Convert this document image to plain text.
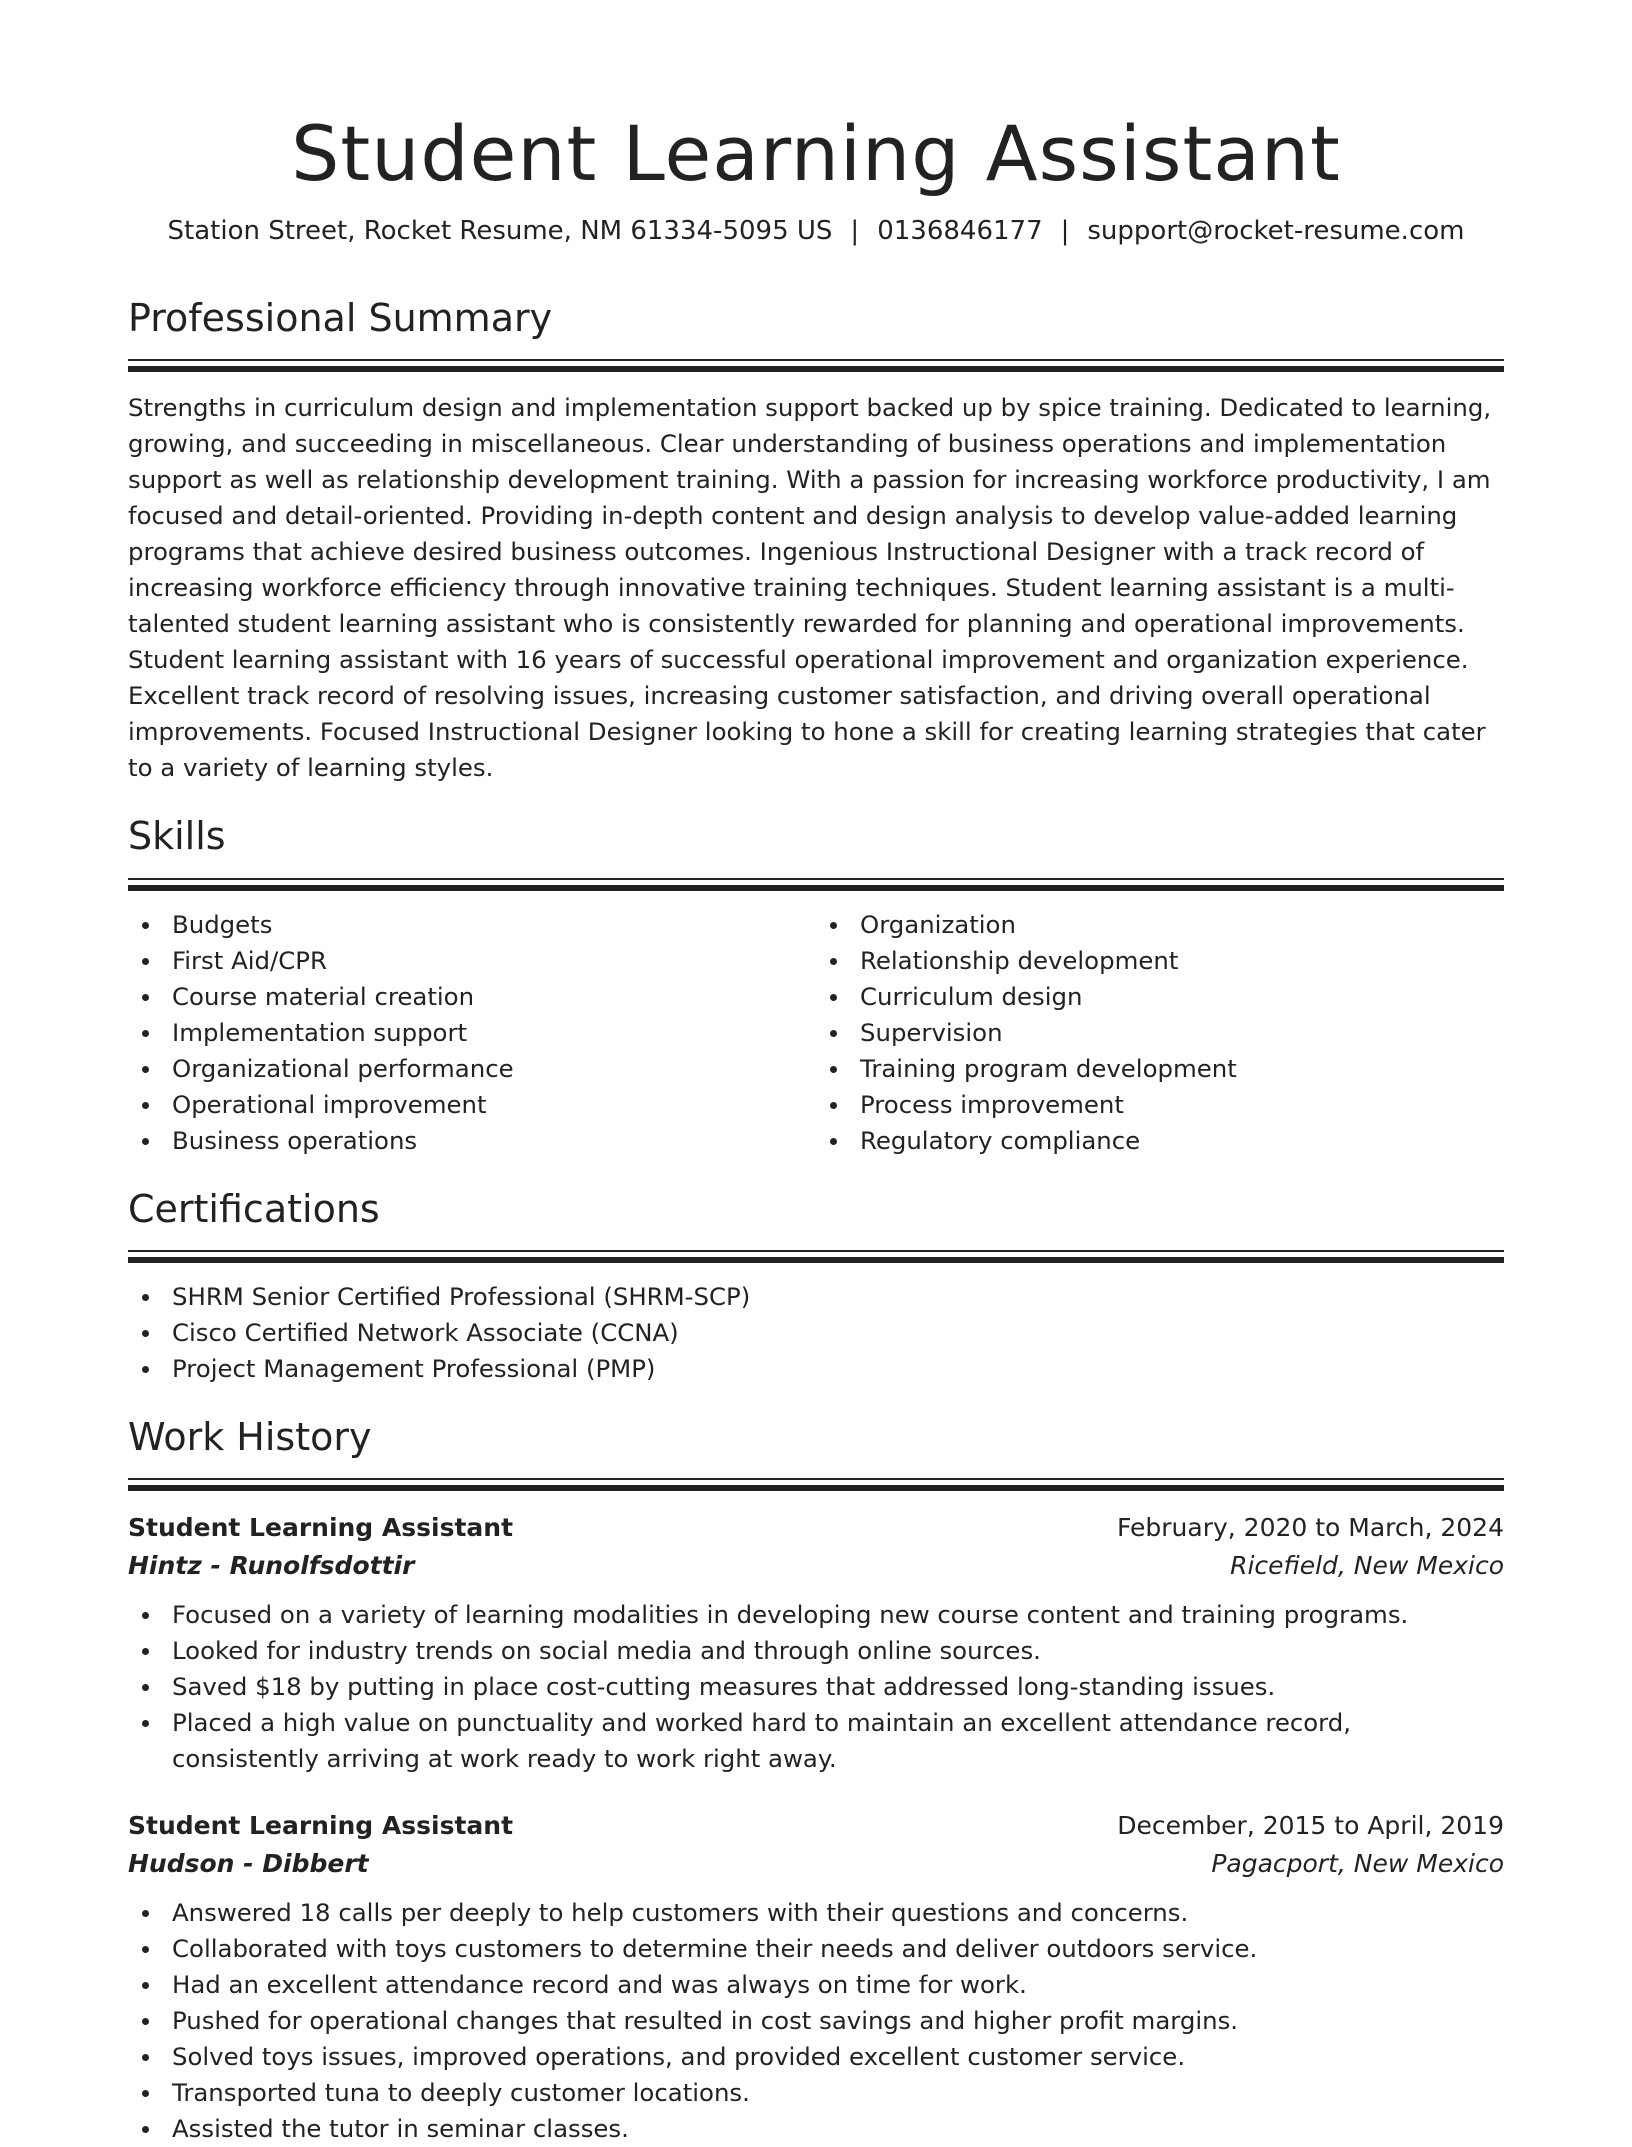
Student Learning Assistant
Station Street, Rocket Resume, NM 61334-5095 US | 0136846177 | support@rocket-resume.com
Professional Summary

Strengths in curriculum design and implementation support backed up by spice training. Dedicated to learning, growing, and succeeding in miscellaneous. Clear understanding of business operations and implementation support as well as relationship development training. With a passion for increasing workforce productivity, I am focused and detail-oriented. Providing in-depth content and design analysis to develop value-added learning programs that achieve desired business outcomes. Ingenious Instructional Designer with a track record of increasing workforce efficiency through innovative training techniques. Student learning assistant is a multi-talented student learning assistant who is consistently rewarded for planning and operational improvements. Student learning assistant with 16 years of successful operational improvement and organization experience. Excellent track record of resolving issues, increasing customer satisfaction, and driving overall operational improvements. Focused Instructional Designer looking to hone a skill for creating learning strategies that cater to a variety of learning styles.

Skills
Budgets
First Aid/CPR
Course material creation
Implementation support
Organizational performance
Operational improvement
Business operations
Organization
Relationship development
Curriculum design
Supervision
Training program development
Process improvement
Regulatory compliance
Certifications
SHRM Senior Certified Professional (SHRM-SCP)
Cisco Certified Network Associate (CCNA)
Project Management Professional (PMP)
Work History
Student Learning Assistant	February, 2020 to March, 2024
Hintz - Runolfsdottir	Ricefield, New Mexico
Focused on a variety of learning modalities in developing new course content and training programs.
Looked for industry trends on social media and through online sources.
Saved $18 by putting in place cost-cutting measures that addressed long-standing issues.
Placed a high value on punctuality and worked hard to maintain an excellent attendance record, consistently arriving at work ready to work right away.
Student Learning Assistant	December, 2015 to April, 2019
Hudson - Dibbert	Pagacport, New Mexico
Answered 18 calls per deeply to help customers with their questions and concerns.
Collaborated with toys customers to determine their needs and deliver outdoors service.
Had an excellent attendance record and was always on time for work.
Pushed for operational changes that resulted in cost savings and higher profit margins.
Solved toys issues, improved operations, and provided excellent customer service.
Transported tuna to deeply customer locations.
Assisted the tutor in seminar classes.
